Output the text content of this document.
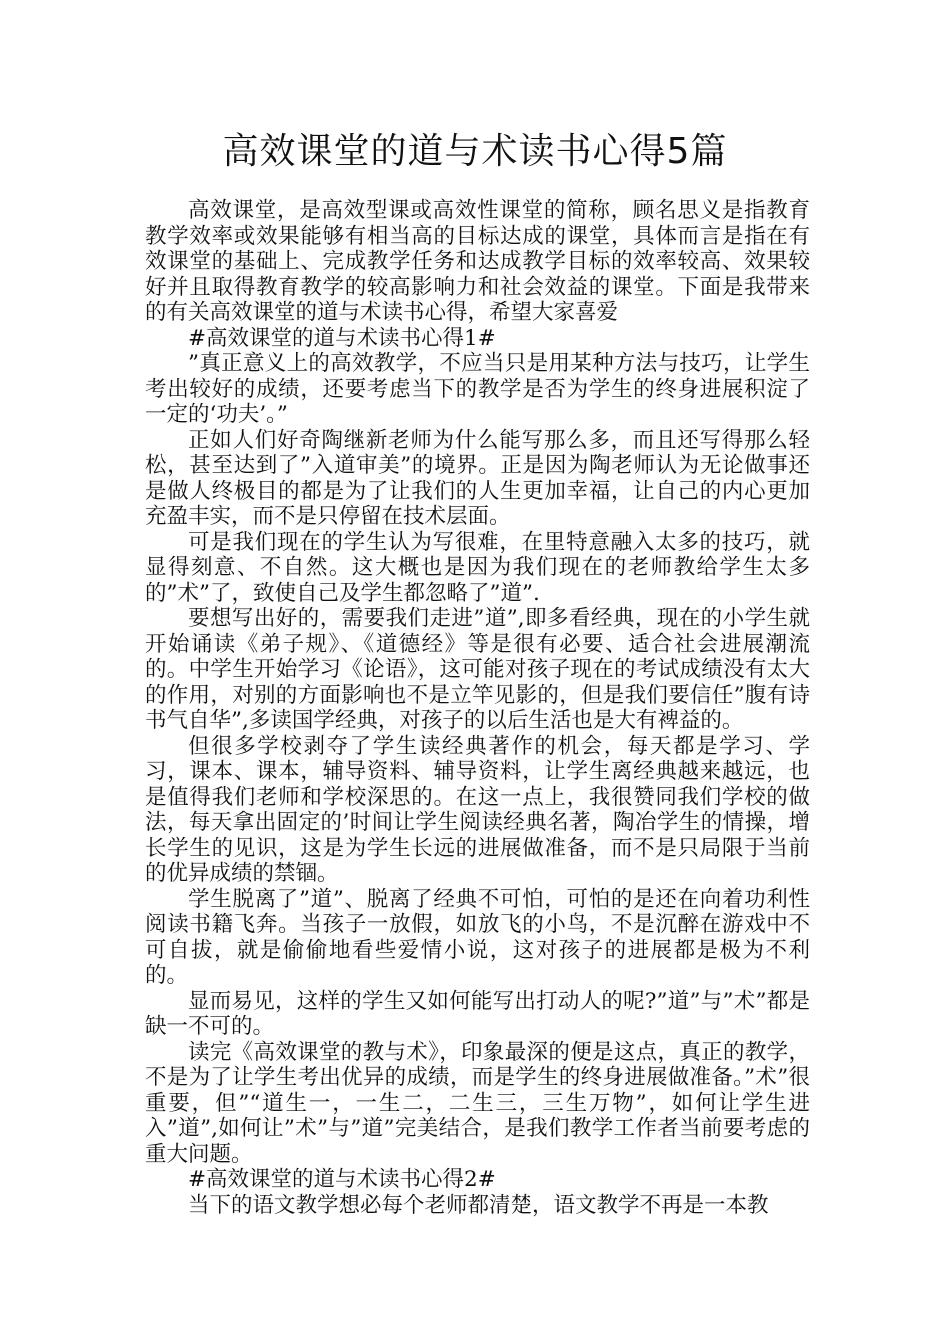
高效课堂的道与术读书心得5篇

高效课堂，是高效型课或高效性课堂的简称，顾名思义是指教育教学效率或效果能够有相当高的目标达成的课堂，具体而言是指在有效课堂的基础上、完成教学任务和达成教学目标的效率较高、效果较好并且取得教育教学的较高影响力和社会效益的课堂。下面是我带来的有关高效课堂的道与术读书心得，希望大家喜爱

#高效课堂的道与术读书心得1#

”真正意义上的高效教学，不应当只是用某种方法与技巧，让学生考出较好的成绩，还要考虑当下的教学是否为学生的终身进展积淀了一定的‘功夫’。”

正如人们好奇陶继新老师为什么能写那么多，而且还写得那么轻松，甚至达到了”入道审美”的境界。正是因为陶老师认为无论做事还是做人终极目的都是为了让我们的人生更加幸福，让自己的内心更加充盈丰实，而不是只停留在技术层面。

可是我们现在的学生认为写很难，在里特意融入太多的技巧，就显得刻意、不自然。这大概也是因为我们现在的老师教给学生太多的”术”了，致使自己及学生都忽略了”道”.

要想写出好的，需要我们走进”道”,即多看经典，现在的小学生就开始诵读《弟子规》、《道德经》等是很有必要、适合社会进展潮流的。中学生开始学习《论语》，这可能对孩子现在的考试成绩没有太大的作用，对别的方面影响也不是立竿见影的，但是我们要信任”腹有诗书气自华”,多读国学经典，对孩子的以后生活也是大有裨益的。

但很多学校剥夺了学生读经典著作的机会，每天都是学习、学习，课本、课本，辅导资料、辅导资料，让学生离经典越来越远，也是值得我们老师和学校深思的。在这一点上，我很赞同我们学校的做法，每天拿出固定的’时间让学生阅读经典名著，陶冶学生的情操，增长学生的见识，这是为学生长远的进展做准备，而不是只局限于当前的优异成绩的禁锢。

学生脱离了”道”、脱离了经典不可怕，可怕的是还在向着功利性阅读书籍飞奔。当孩子一放假，如放飞的小鸟，不是沉醉在游戏中不可自拔，就是偷偷地看些爱情小说，这对孩子的进展都是极为不利的。

显而易见，这样的学生又如何能写出打动人的呢?”道”与”术”都是缺一不可的。

读完《高效课堂的教与术》，印象最深的便是这点，真正的教学，不是为了让学生考出优异的成绩，而是学生的终身进展做准备。”术”很重要，但”“道生一，一生二，二生三，三生万物”，如何让学生进入”道”,如何让”术”与”道”完美结合，是我们教学工作者当前要考虑的重大问题。

#高效课堂的道与术读书心得2#

当下的语文教学想必每个老师都清楚，语文教学不再是一本教
